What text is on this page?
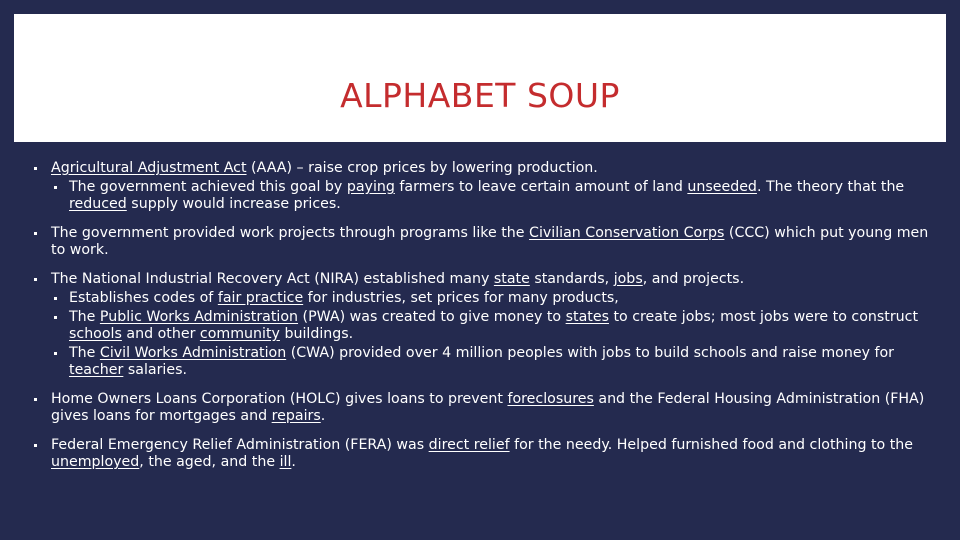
ALPHABET SOUP
Agricultural Adjustment Act (AAA) – raise crop prices by lowering production.
The government achieved this goal by paying farmers to leave certain amount of land unseeded. The theory that the reduced supply would increase prices.
The government provided work projects through programs like the Civilian Conservation Corps (CCC) which put young men to work.
The National Industrial Recovery Act (NIRA) established many state standards, jobs, and projects.
Establishes codes of fair practice for industries, set prices for many products,
The Public Works Administration (PWA) was created to give money to states to create jobs; most jobs were to construct schools and other community buildings.
The Civil Works Administration (CWA) provided over 4 million peoples with jobs to build schools and raise money for teacher salaries.
Home Owners Loans Corporation (HOLC) gives loans to prevent foreclosures and the Federal Housing Administration (FHA) gives loans for mortgages and repairs.
Federal Emergency Relief Administration (FERA) was direct relief for the needy. Helped furnished food and clothing to the unemployed, the aged, and the ill.
